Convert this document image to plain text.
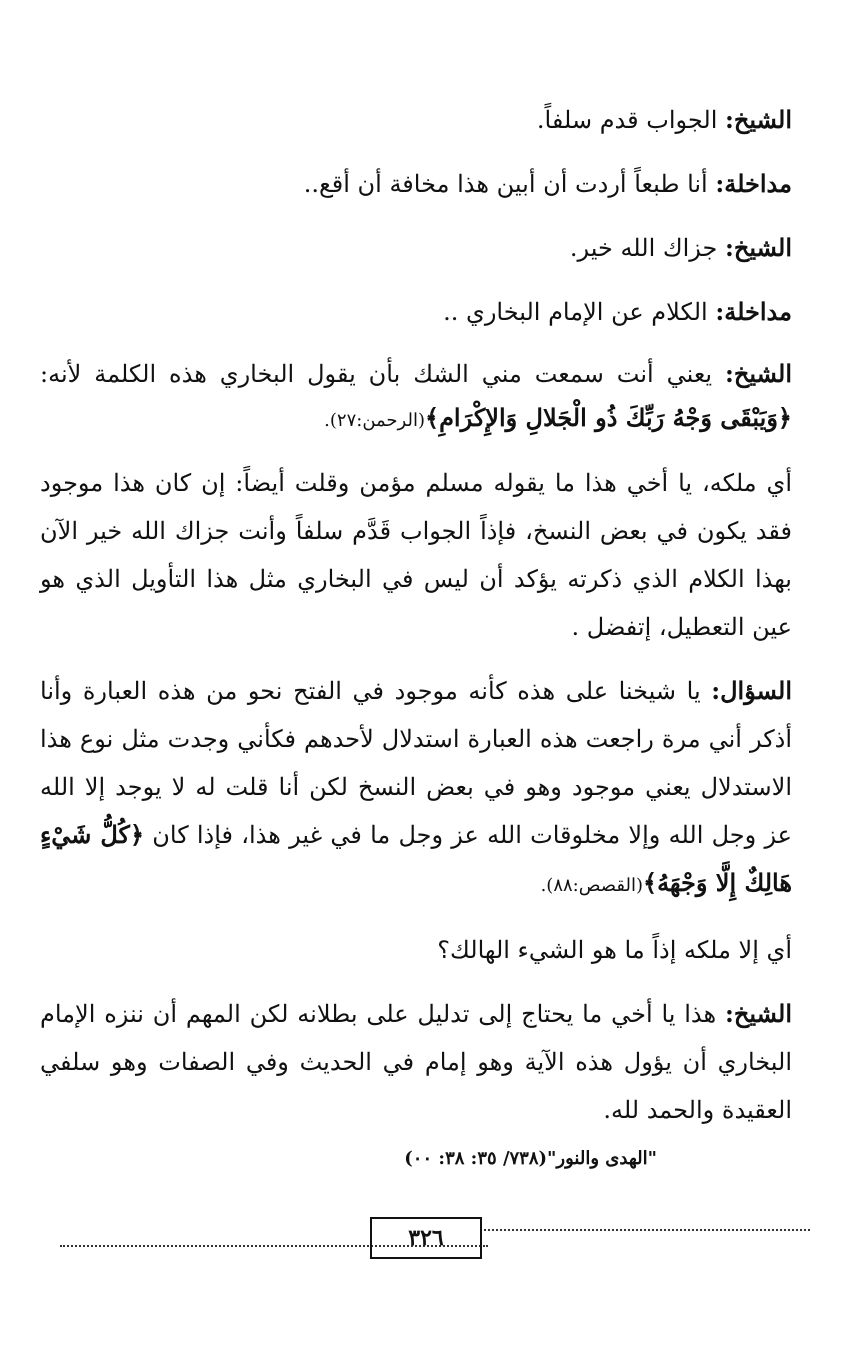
الشيخ: الجواب قدم سلفاً.

مداخلة: أنا طبعاً أردت أن أبين هذا مخافة أن أقع..

الشيخ: جزاك الله خير.

مداخلة: الكلام عن الإمام البخاري ..

الشيخ: يعني أنت سمعت مني الشك بأن يقول البخاري هذه الكلمة لأنه: ﴿وَيَبْقَى وَجْهُ رَبِّكَ ذُو الْجَلالِ وَالإِكْرَامِ﴾(الرحمن:٢٧).

أي ملكه، يا أخي هذا ما يقوله مسلم مؤمن وقلت أيضاً: إن كان هذا موجود فقد يكون في بعض النسخ، فإذاً الجواب قَدَّم سلفاً وأنت جزاك الله خير الآن بهذا الكلام الذي ذكرته يؤكد أن ليس في البخاري مثل هذا التأويل الذي هو عين التعطيل، إتفضل .

السؤال: يا شيخنا على هذه كأنه موجود في الفتح نحو من هذه العبارة وأنا أذكر أني مرة راجعت هذه العبارة استدلال لأحدهم فكأني وجدت مثل نوع هذا الاستدلال يعني موجود وهو في بعض النسخ لكن أنا قلت له لا يوجد إلا الله عز وجل الله وإلا مخلوقات الله عز وجل ما في غير هذا، فإذا كان ﴿كُلُّ شَيْءٍ هَالِكٌ إِلَّا وَجْهَهُ﴾(القصص:٨٨).

أي إلا ملكه إذاً ما هو الشيء الهالك؟

الشيخ: هذا يا أخي ما يحتاج إلى تدليل على بطلانه لكن المهم أن ننزه الإمام البخاري أن يؤول هذه الآية وهو إمام في الحديث وفي الصفات وهو سلفي العقيدة والحمد لله.

"الهدى والنور"(٧٣٨/ ٣٥: ٣٨: ٠٠)
٣٢٦
